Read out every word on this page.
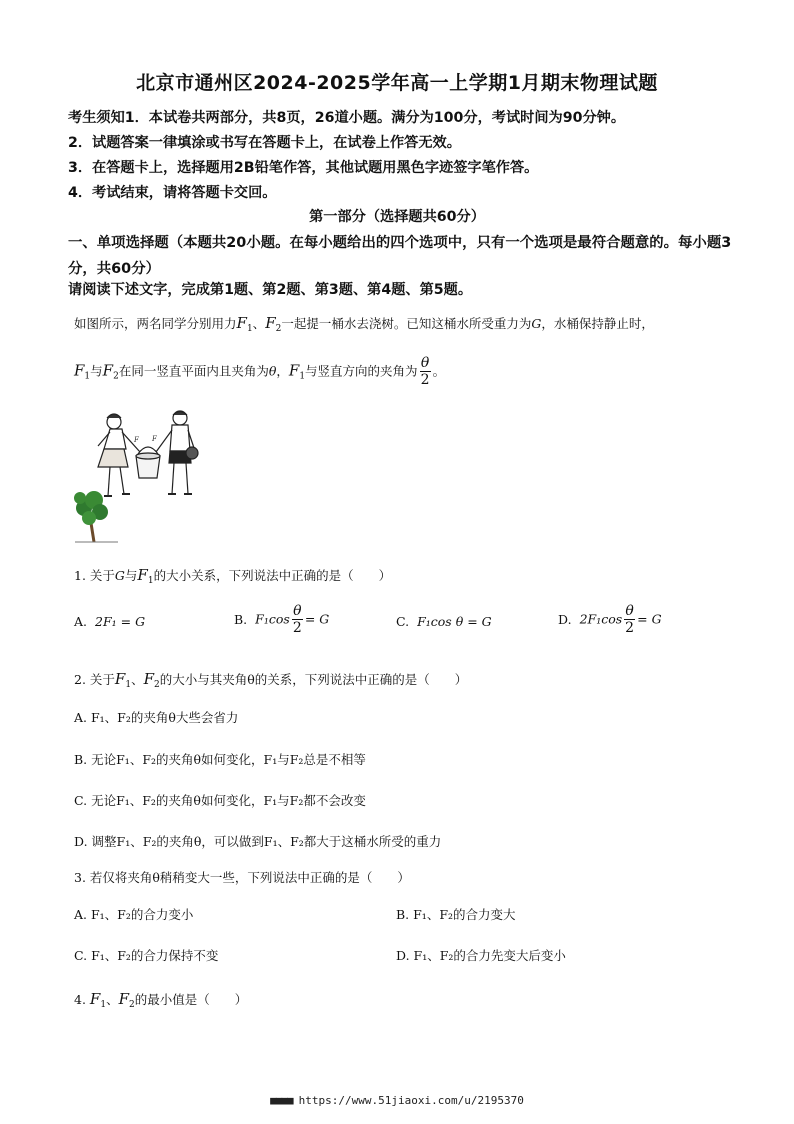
北京市通州区2024-2025学年高一上学期1月期末物理试题
考生须知1．本试卷共两部分，共8页，26道小题。满分为100分，考试时间为90分钟。
2．试题答案一律填涂或书写在答题卡上，在试卷上作答无效。
3．在答题卡上，选择题用2B铅笔作答，其他试题用黑色字迹签字笔作答。
4．考试结束，请将答题卡交回。
第一部分（选择题共60分）
一、单项选择题（本题共20小题。在每小题给出的四个选项中，只有一个选项是最符合题意的。每小题3分，共60分）
请阅读下述文字，完成第1题、第2题、第3题、第4题、第5题。
如图所示，两名同学分别用力$F_1$、$F_2$一起提一桶水去浇树。已知这桶水所受重力为G，水桶保持静止时，
$F_1$与$F_2$在同一竖直平面内且夹角为θ，$F_1$与竖直方向的夹角为 $\frac{\theta}{2}$ 。
F F
1. 关于G与$F_1$的大小关系，下列说法中正确的是（　　）
A. 2F₁ = G	B. $F_1\cos \frac{\theta}{2} = G$	C. F₁cos θ = G	D. $2F_1\cos \frac{\theta}{2} = G$
2. 关于$F_1$、$F_2$的大小与其夹角θ的关系，下列说法中正确的是（　　）
A. F₁、F₂的夹角θ大些会省力
B. 无论F₁、F₂的夹角θ如何变化，F₁与F₂总是不相等
C. 无论F₁、F₂的夹角θ如何变化，F₁与F₂都不会改变
D. 调整F₁、F₂的夹角θ，可以做到F₁、F₂都大于这桶水所受的重力
3. 若仅将夹角θ稍稍变大一些，下列说法中正确的是（　　）
A. F₁、F₂的合力变小	B. F₁、F₂的合力变大
C. F₁、F₂的合力保持不变	D. F₁、F₂的合力先变大后变小
4. $F_1$、$F_2$的最小值是（　　）
■■■■ https://www.51jiaoxi.com/u/2195370
